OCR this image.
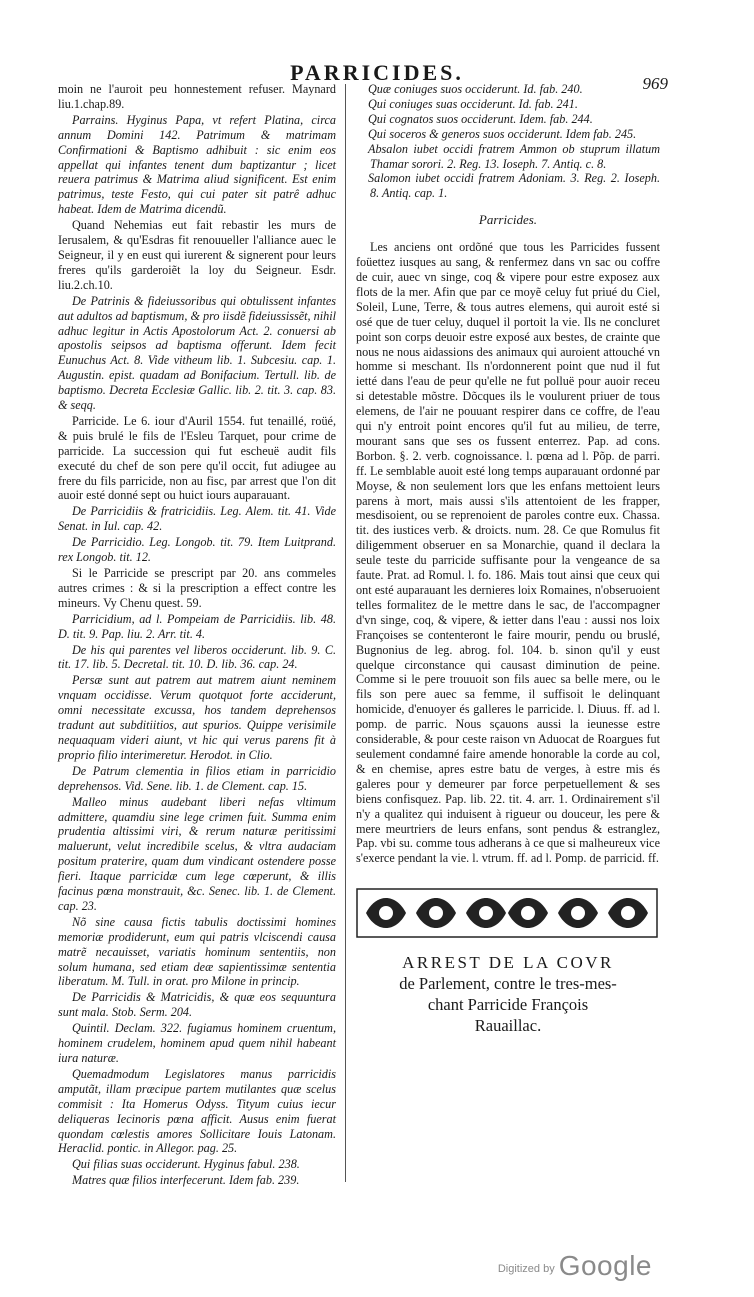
PARRICIDES.	969

moin ne l'auroit peu honnestement refuser. Maynard liu.1.chap.89.

Parrains. Hyginus Papa, vt refert Platina, circa annum Domini 142. Patrimum & matrimam Confirmationi & Baptismo adhibuit : sic enim eos appellat qui infantes tenent dum baptizantur ; licet reuera patrimus & Matrima aliud significent. Est enim patrimus, teste Festo, qui cui pater sit patrê adhuc habeat. Idem de Matrima dicendũ.

Quand Nehemias eut fait rebastir les murs de Ierusalem, & qu'Esdras fit renouueller l'alliance auec le Seigneur, il y en eust qui iurerent & signerent pour leurs freres qu'ils garderoiẽt la loy du Seigneur. Esdr. liu.2.ch.10.

De Patrinis & fideiussoribus qui obtulissent infantes aut adultos ad baptismum, & pro iisdẽ fideiussissẽt, nihil adhuc legitur in Actis Apostolorum Act. 2. conuersi ab apostolis seipsos ad baptisma offerunt. Idem fecit Eunuchus Act. 8. Vide vitheum lib. 1. Subcesiu. cap. 1. Augustin. epist. quadam ad Bonifacium. Tertull. lib. de baptismo. Decreta Ecclesiæ Gallic. lib. 2. tit. 3. cap. 83. & seqq.

Parricide. Le 6. iour d'Auril 1554. fut tenaillé, roüé, & puis brulé le fils de l'Esleu Tarquet, pour crime de parricide. La succession qui fut escheuë audit fils executé du chef de son pere qu'il occit, fut adiugee au frere du fils parricide, non au fisc, par arrest que l'on dit auoir esté donné sept ou huict iours auparauant.

De Parricidiis & fratricidiis. Leg. Alem. tit. 41. Vide Senat. in Iul. cap. 42.

De Parricidio. Leg. Longob. tit. 79. Item Luitprand. rex Longob. tit. 12.

Si le Parricide se prescript par 20. ans commeles autres crimes : & si la prescription a effect contre les mineurs. Vy Chenu quest. 59.

Parricidium, ad l. Pompeiam de Parricidiis. lib. 48. D. tit. 9. Pap. liu. 2. Arr. tit. 4.

De his qui parentes vel liberos occiderunt. lib. 9. C. tit. 17. lib. 5. Decretal. tit. 10. D. lib. 36. cap. 24.

Persæ sunt aut patrem aut matrem aiunt neminem vnquam occidisse. Verum quotquot forte acciderunt, omni necessitate excussa, hos tandem deprehensos tradunt aut subditiitios, aut spurios. Quippe verisimile nequaquam videri aiunt, vt hic qui verus parens fit à proprio filio interimeretur. Herodot. in Clio.

De Patrum clementia in filios etiam in parricidio deprehensos. Vid. Sene. lib. 1. de Clement. cap. 15.

Malleo minus audebant liberi nefas vltimum admittere, quamdiu sine lege crimen fuit. Summa enim prudentia altissimi viri, & rerum naturæ peritissimi maluerunt, velut incredibile scelus, & vltra audaciam positum praterire, quam dum vindicant ostendere posse fieri. Itaque parricidæ cum lege cœperunt, & illis facinus pœna monstrauit, &c. Senec. lib. 1. de Clement. cap. 23.

Nõ sine causa fictis tabulis doctissimi homines memoriæ prodiderunt, eum qui patris vlciscendi causa matrẽ necauisset, variatis hominum sententiis, non solum humana, sed etiam deæ sapientissimæ sententia liberatum. M. Tull. in orat. pro Milone in princip.

De Parricidis & Matricidis, & quæ eos sequuntura sunt mala. Stob. Serm. 204.

Quintil. Declam. 322. fugiamus hominem cruentum, hominem crudelem, hominem apud quem nihil habeant iura naturæ.

Quemadmodum Legislatores manus parricidis amputãt, illam præcipue partem mutilantes quæ scelus commisit : Ita Homerus Odyss. Tityum cuius iecur deliqueras Iecinoris pœna afficit. Ausus enim fuerat quondam cœlestis amores Sollicitare Iouis Latonam. Heraclid. pontic. in Allegor. pag. 25.

Qui filias suas occiderunt. Hyginus fabul. 238.

Matres quæ filios interfecerunt. Idem fab. 239.

Quæ coniuges suos occiderunt. Id. fab. 240.

Qui coniuges suas occiderunt. Id. fab. 241.

Qui cognatos suos occiderunt. Idem. fab. 244.

Qui soceros & generos suos occiderunt. Idem fab. 245.

Absalon iubet occidi fratrem Ammon ob stuprum illatum Thamar sorori. 2. Reg. 13. Ioseph. 7. Antiq. c. 8.

Salomon iubet occidi fratrem Adoniam. 3. Reg. 2. Ioseph. 8. Antiq. cap. 1.

Parricides.

Les anciens ont ordõné que tous les Parricides fussent foüettez iusques au sang, & renfermez dans vn sac ou coffre de cuir, auec vn singe, coq & vipere pour estre exposez aux flots de la mer. Afin que par ce moyẽ celuy fut priué du Ciel, Soleil, Lune, Terre, & tous autres elemens, qui auroit esté si osé que de tuer celuy, duquel il portoit la vie. Ils ne concluret point son corps deuoir estre exposé aux bestes, de crainte que nous ne nous aidassions des animaux qui auroient attouché vn homme si meschant. Ils n'ordonnerent point que nud il fut ietté dans l'eau de peur qu'elle ne fut polluë pour auoir receu si detestable mõstre. Dõcques ils le voulurent priuer de tous elemens, de l'air ne pouuant respirer dans ce coffre, de l'eau qui n'y entroit point encores qu'il fut au milieu, de terre, mourant sans que ses os fussent enterrez. Pap. ad cons. Borbon. §. 2. verb. cognoissance. l. pœna ad l. Põp. de parri. ff. Le semblable auoit esté long temps auparauant ordonné par Moyse, & non seulement lors que les enfans mettoient leurs parens à mort, mais aussi s'ils attentoient de les frapper, mesdisoient, ou se reprenoient de paroles contre eux. Chassa. tit. des iustices verb. & droicts. num. 28. Ce que Romulus fit diligemment obseruer en sa Monarchie, quand il declara la seule teste du parricide suffisante pour la vengeance de sa faute. Prat. ad Romul. l. fo. 186. Mais tout ainsi que ceux qui ont esté auparauant les dernieres loix Romaines, n'obseruoient telles formalitez de le mettre dans le sac, de l'accompagner d'vn singe, coq, & vipere, & ietter dans l'eau : aussi nos loix Françoises se contenteront le faire mourir, pendu ou bruslé, Bugnonius de leg. abrog. fol. 104. b. sinon qu'il y eust quelque circonstance qui causast diminution de peine. Comme si le pere trouuoit son fils auec sa belle mere, ou le fils son pere auec sa femme, il suffisoit le delinquant homicide, d'enuoyer és galleres le parricide. l. Diuus. ff. ad l. pomp. de parric. Nous sçauons aussi la ieunesse estre considerable, & pour ceste raison vn Aduocat de Roargues fut seulement condamné faire amende honorable la corde au col, & en chemise, apres estre batu de verges, à estre mis és galeres pour y demeurer par force perpetuellement & ses biens confisquez. Pap. lib. 22. tit. 4. arr. 1. Ordinairement s'il n'y a qualitez qui induisent à rigueur ou douceur, les pere & mere meurtriers de leurs enfans, sont pendus & estranglez, Pap. vbi su. comme tous adherans à ce que si malheureux vice s'exerce pendant la vie. l. vtrum. ff. ad l. Pomp. de parricid. ff.

ARREST DE LA COVR
de Parlement, contre le tres-mes-
chant Parricide François
Rauaillac.
Digitized by Google
